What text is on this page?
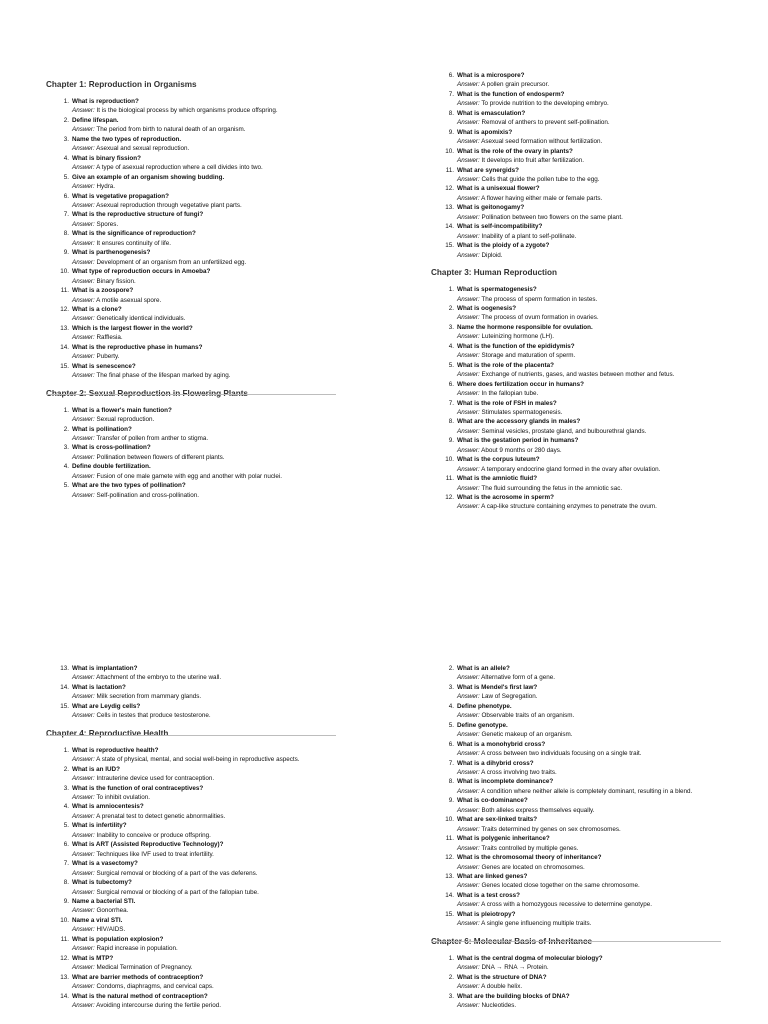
Chapter 1: Reproduction in Organisms
1. What is reproduction?
Answer: It is the biological process by which organisms produce offspring.
2. Define lifespan.
Answer: The period from birth to natural death of an organism.
3. Name the two types of reproduction.
Answer: Asexual and sexual reproduction.
4. What is binary fission?
Answer: A type of asexual reproduction where a cell divides into two.
5. Give an example of an organism showing budding.
Answer: Hydra.
6. What is vegetative propagation?
Answer: Asexual reproduction through vegetative plant parts.
7. What is the reproductive structure of fungi?
Answer: Spores.
8. What is the significance of reproduction?
Answer: It ensures continuity of life.
9. What is parthenogenesis?
Answer: Development of an organism from an unfertilized egg.
10. What type of reproduction occurs in Amoeba?
Answer: Binary fission.
11. What is a zoospore?
Answer: A motile asexual spore.
12. What is a clone?
Answer: Genetically identical individuals.
13. Which is the largest flower in the world?
Answer: Rafflesia.
14. What is the reproductive phase in humans?
Answer: Puberty.
15. What is senescence?
Answer: The final phase of the lifespan marked by aging.
Chapter 2: Sexual Reproduction in Flowering Plants
1. What is a flower's main function?
Answer: Sexual reproduction.
2. What is pollination?
Answer: Transfer of pollen from anther to stigma.
3. What is cross-pollination?
Answer: Pollination between flowers of different plants.
4. Define double fertilization.
Answer: Fusion of one male gamete with egg and another with polar nuclei.
5. What are the two types of pollination?
Answer: Self-pollination and cross-pollination.
6. What is a microspore?
Answer: A pollen grain precursor.
7. What is the function of endosperm?
Answer: To provide nutrition to the developing embryo.
8. What is emasculation?
Answer: Removal of anthers to prevent self-pollination.
9. What is apomixis?
Answer: Asexual seed formation without fertilization.
10. What is the role of the ovary in plants?
Answer: It develops into fruit after fertilization.
11. What are synergids?
Answer: Cells that guide the pollen tube to the egg.
12. What is a unisexual flower?
Answer: A flower having either male or female parts.
13. What is geitonogamy?
Answer: Pollination between two flowers on the same plant.
14. What is self-incompatibility?
Answer: Inability of a plant to self-pollinate.
15. What is the ploidy of a zygote?
Answer: Diploid.
Chapter 3: Human Reproduction
1. What is spermatogenesis?
Answer: The process of sperm formation in testes.
2. What is oogenesis?
Answer: The process of ovum formation in ovaries.
3. Name the hormone responsible for ovulation.
Answer: Luteinizing hormone (LH).
4. What is the function of the epididymis?
Answer: Storage and maturation of sperm.
5. What is the role of the placenta?
Answer: Exchange of nutrients, gases, and wastes between mother and fetus.
6. Where does fertilization occur in humans?
Answer: In the fallopian tube.
7. What is the role of FSH in males?
Answer: Stimulates spermatogenesis.
8. What are the accessory glands in males?
Answer: Seminal vesicles, prostate gland, and bulbourethral glands.
9. What is the gestation period in humans?
Answer: About 9 months or 280 days.
10. What is the corpus luteum?
Answer: A temporary endocrine gland formed in the ovary after ovulation.
11. What is the amniotic fluid?
Answer: The fluid surrounding the fetus in the amniotic sac.
12. What is the acrosome in sperm?
Answer: A cap-like structure containing enzymes to penetrate the ovum.
13. What is implantation?
Answer: Attachment of the embryo to the uterine wall.
14. What is lactation?
Answer: Milk secretion from mammary glands.
15. What are Leydig cells?
Answer: Cells in testes that produce testosterone.
Chapter 4: Reproductive Health
1. What is reproductive health?
Answer: A state of physical, mental, and social well-being in reproductive aspects.
2. What is an IUD?
Answer: Intrauterine device used for contraception.
3. What is the function of oral contraceptives?
Answer: To inhibit ovulation.
4. What is amniocentesis?
Answer: A prenatal test to detect genetic abnormalities.
5. What is infertility?
Answer: Inability to conceive or produce offspring.
6. What is ART (Assisted Reproductive Technology)?
Answer: Techniques like IVF used to treat infertility.
7. What is a vasectomy?
Answer: Surgical removal or blocking of a part of the vas deferens.
8. What is tubectomy?
Answer: Surgical removal or blocking of a part of the fallopian tube.
9. Name a bacterial STI.
Answer: Gonorrhea.
10. Name a viral STI.
Answer: HIV/AIDS.
11. What is population explosion?
Answer: Rapid increase in population.
12. What is MTP?
Answer: Medical Termination of Pregnancy.
13. What are barrier methods of contraception?
Answer: Condoms, diaphragms, and cervical caps.
14. What is the natural method of contraception?
Answer: Avoiding intercourse during the fertile period.
2. What is an allele?
Answer: Alternative form of a gene.
3. What is Mendel's first law?
Answer: Law of Segregation.
4. Define phenotype.
Answer: Observable traits of an organism.
5. Define genotype.
Answer: Genetic makeup of an organism.
6. What is a monohybrid cross?
Answer: A cross between two individuals focusing on a single trait.
7. What is a dihybrid cross?
Answer: A cross involving two traits.
8. What is incomplete dominance?
Answer: A condition where neither allele is completely dominant, resulting in a blend.
9. What is co-dominance?
Answer: Both alleles express themselves equally.
10. What are sex-linked traits?
Answer: Traits determined by genes on sex chromosomes.
11. What is polygenic inheritance?
Answer: Traits controlled by multiple genes.
12. What is the chromosomal theory of inheritance?
Answer: Genes are located on chromosomes.
13. What are linked genes?
Answer: Genes located close together on the same chromosome.
14. What is a test cross?
Answer: A cross with a homozygous recessive to determine genotype.
15. What is pleiotropy?
Answer: A single gene influencing multiple traits.
Chapter 6: Molecular Basis of Inheritance
1. What is the central dogma of molecular biology?
Answer: DNA → RNA → Protein.
2. What is the structure of DNA?
Answer: A double helix.
3. What are the building blocks of DNA?
Answer: Nucleotides.
